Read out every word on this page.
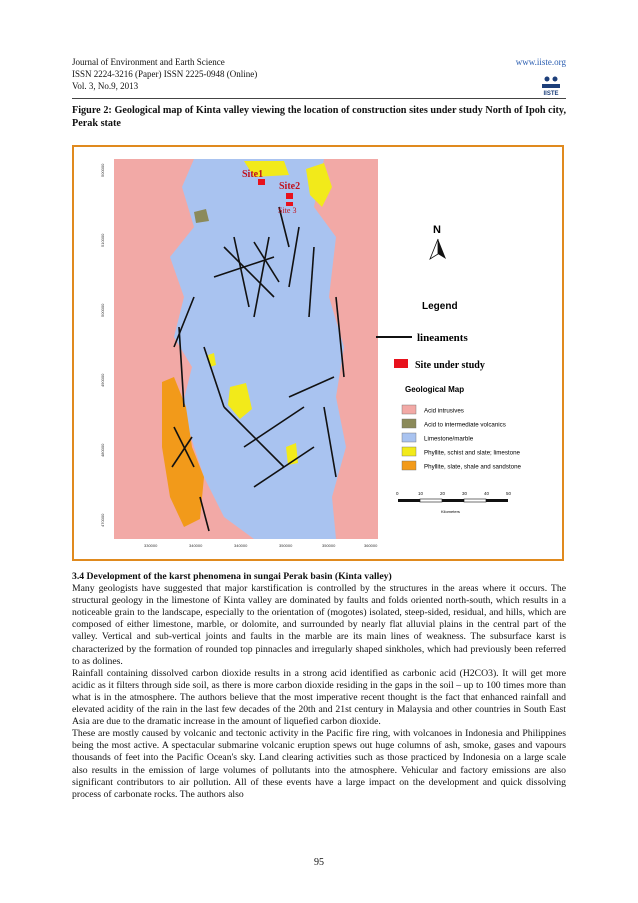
Journal of Environment and Earth Science
ISSN 2224-3216 (Paper) ISSN 2225-0948 (Online)
Vol. 3, No.9, 2013
www.iiste.org
IISTE
Figure 2: Geological map of Kinta valley viewing the location of construction sites under study North of Ipoh city, Perak state
Site1
Site2
Site 3
500000
510000
500000
490000
480000
470000
330000	340000	340000	350000	350000	360000
N
Legend
lineaments
Site under study
Geological Map
Acid intrusives
Acid to intermediate volcanics
Limestone/marble
Phyllite, schist and slate; limestone
Phyllite, slate, shale and sandstone
0	10	20	30	40	50
Kilometers

3.4 Development of the karst phenomena in sungai Perak basin (Kinta valley)

Many geologists have suggested that major karstification is controlled by the structures in the areas where it occurs. The structural geology in the limestone of Kinta valley are dominated by faults and folds oriented north-south, which results in a noticeable grain to the landscape, especially to the orientation of (mogotes) isolated, steep-sided, residual, and hills, which are composed of either limestone, marble, or dolomite, and surrounded by nearly flat alluvial plains in the central part of the valley. Vertical and sub-vertical joints and faults in the marble are its main lines of weakness. The subsurface karst is characterized by the formation of rounded top pinnacles and irregularly shaped sinkholes, which had previously been referred to as dolines.

Rainfall containing dissolved carbon dioxide results in a strong acid identified as carbonic acid (H2CO3). It will get more acidic as it filters through side soil, as there is more carbon dioxide residing in the gaps in the soil – up to 100 times more than what is in the atmosphere. The authors believe that the most imperative recent thought is the fact that enhanced rainfall and elevated acidity of the rain in the last few decades of the 20th and 21st century in Malaysia and other countries in South East Asia are due to the dramatic increase in the amount of liquefied carbon dioxide.

These are mostly caused by volcanic and tectonic activity in the Pacific fire ring, with volcanoes in Indonesia and Philippines being the most active. A spectacular submarine volcanic eruption spews out huge columns of ash, smoke, gases and vapours thousands of feet into the Pacific Ocean's sky. Land clearing activities such as those practiced by Indonesia on a large scale also results in the emission of large volumes of pollutants into the atmosphere. Vehicular and factory emissions are also significant contributors to air pollution. All of these events have a large impact on the development and quick dissolving process of carbonate rocks. The authors also

95
